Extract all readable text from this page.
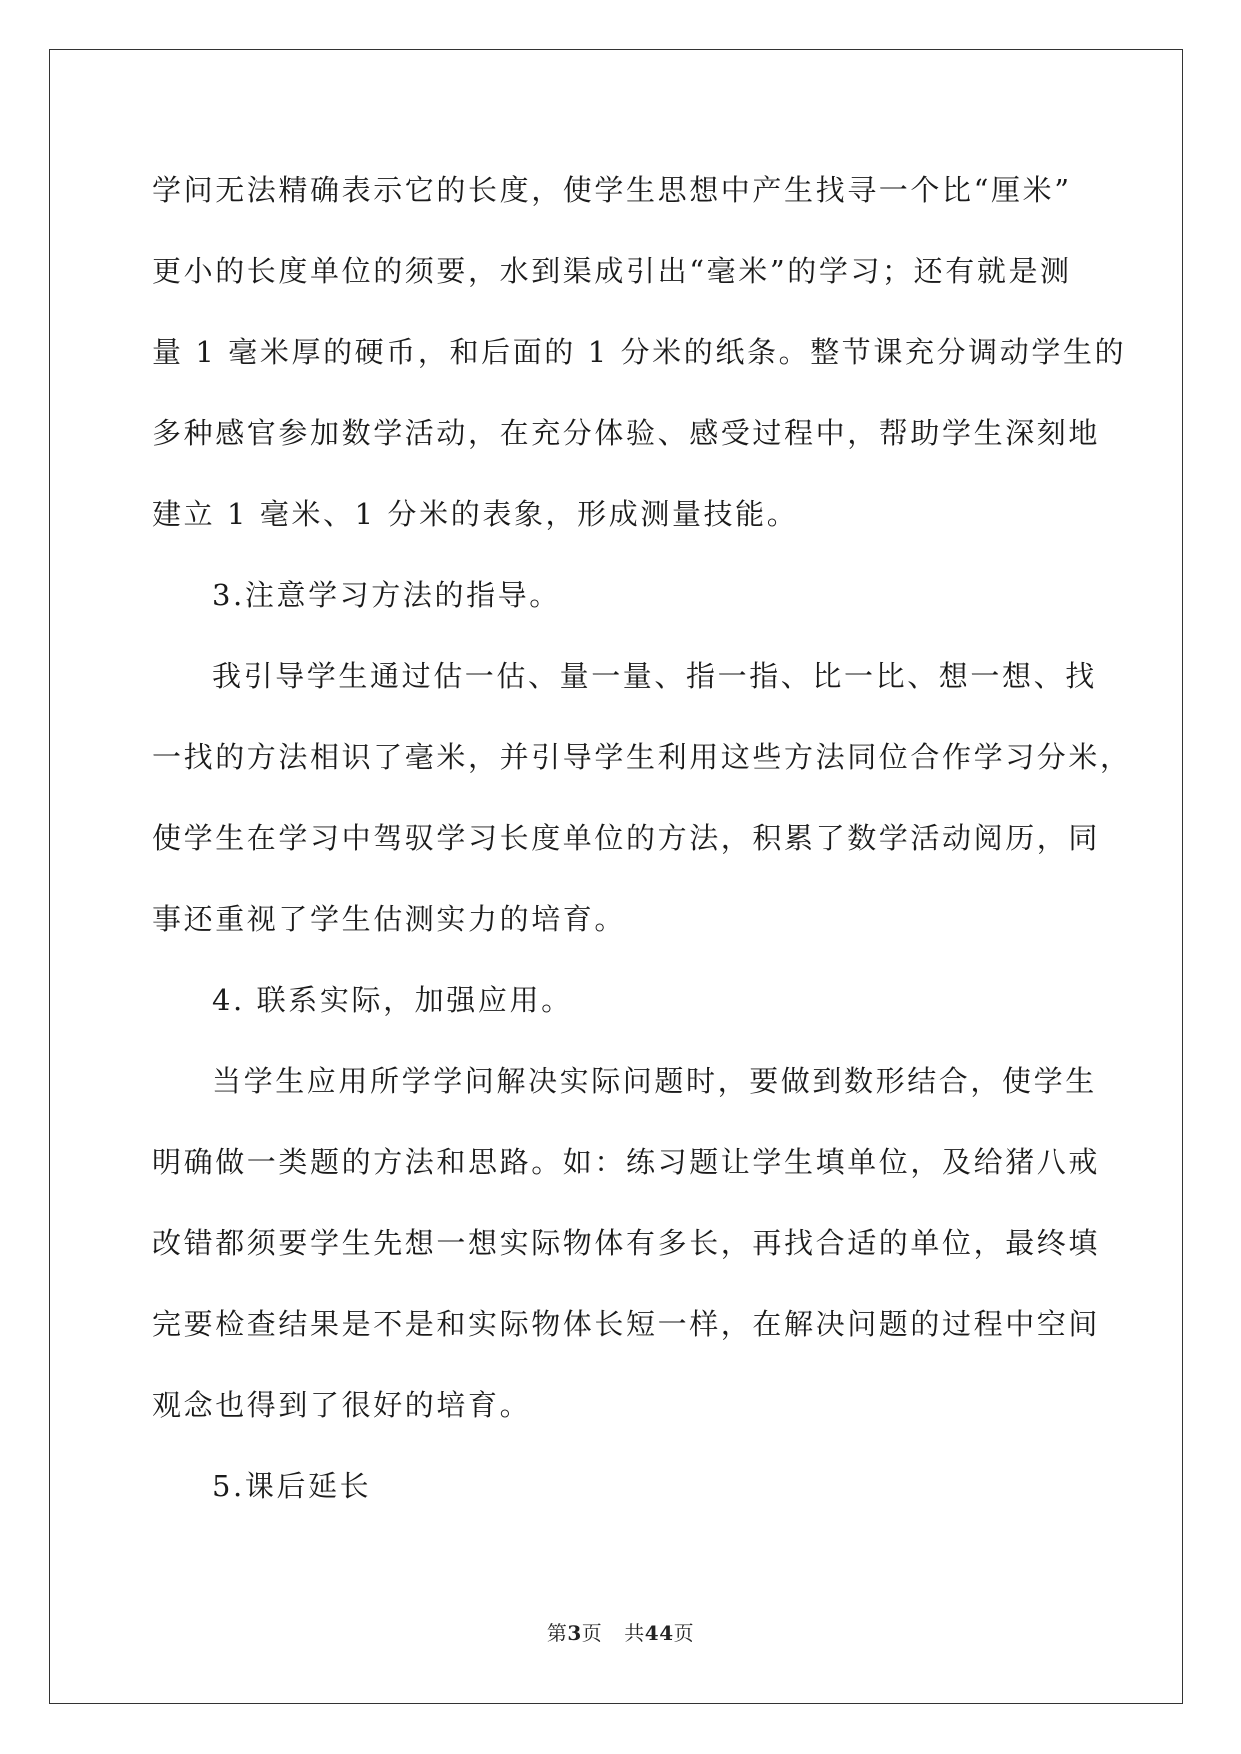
学问无法精确表示它的长度，使学生思想中产生找寻一个比“厘米”
更小的长度单位的须要，水到渠成引出“毫米”的学习；还有就是测
量 1 毫米厚的硬币，和后面的 1 分米的纸条。整节课充分调动学生的
多种感官参加数学活动，在充分体验、感受过程中，帮助学生深刻地
建立 1 毫米、1 分米的表象，形成测量技能。
3.注意学习方法的指导。
我引导学生通过估一估、量一量、指一指、比一比、想一想、找
一找的方法相识了毫米，并引导学生利用这些方法同位合作学习分米，
使学生在学习中驾驭学习长度单位的方法，积累了数学活动阅历，同
事还重视了学生估测实力的培育。
4. 联系实际，加强应用。
当学生应用所学学问解决实际问题时，要做到数形结合，使学生
明确做一类题的方法和思路。如：练习题让学生填单位，及给猪八戒
改错都须要学生先想一想实际物体有多长，再找合适的单位，最终填
完要检查结果是不是和实际物体长短一样，在解决问题的过程中空间
观念也得到了很好的培育。
5.课后延长
第3页 共44页
